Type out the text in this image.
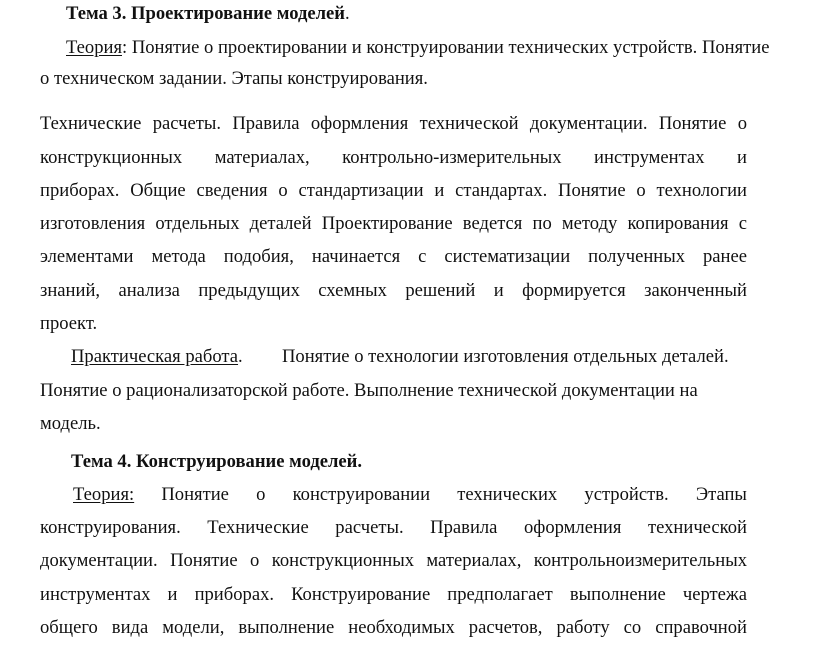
Тема 3. Проектирование моделей.
Теория: Понятие о проектировании и конструировании технических устройств. Понятие
о техническом задании. Этапы конструирования.
Технические расчеты. Правила оформления технической документации. Понятие о
конструкционных материалах, контрольно-измерительных инструментах и
приборах. Общие сведения о стандартизации и стандартах. Понятие о технологии
изготовления отдельных деталей Проектирование ведется по методу копирования с
элементами метода подобия, начинается с систематизации полученных ранее
знаний, анализа предыдущих схемных решений и формируется законченный
проект.
Практическая работа. Понятие о технологии изготовления отдельных деталей.
Понятие о рационализаторской работе. Выполнение технической документации на
модель.
Тема 4. Конструирование моделей.
Теория: Понятие о конструировании технических устройств. Этапы
конструирования. Технические расчеты. Правила оформления технической
документации. Понятие о конструкционных материалах, контрольноизмерительных
инструментах и приборах. Конструирование предполагает выполнение чертежа
общего вида модели, выполнение необходимых расчетов, работу со справочной
